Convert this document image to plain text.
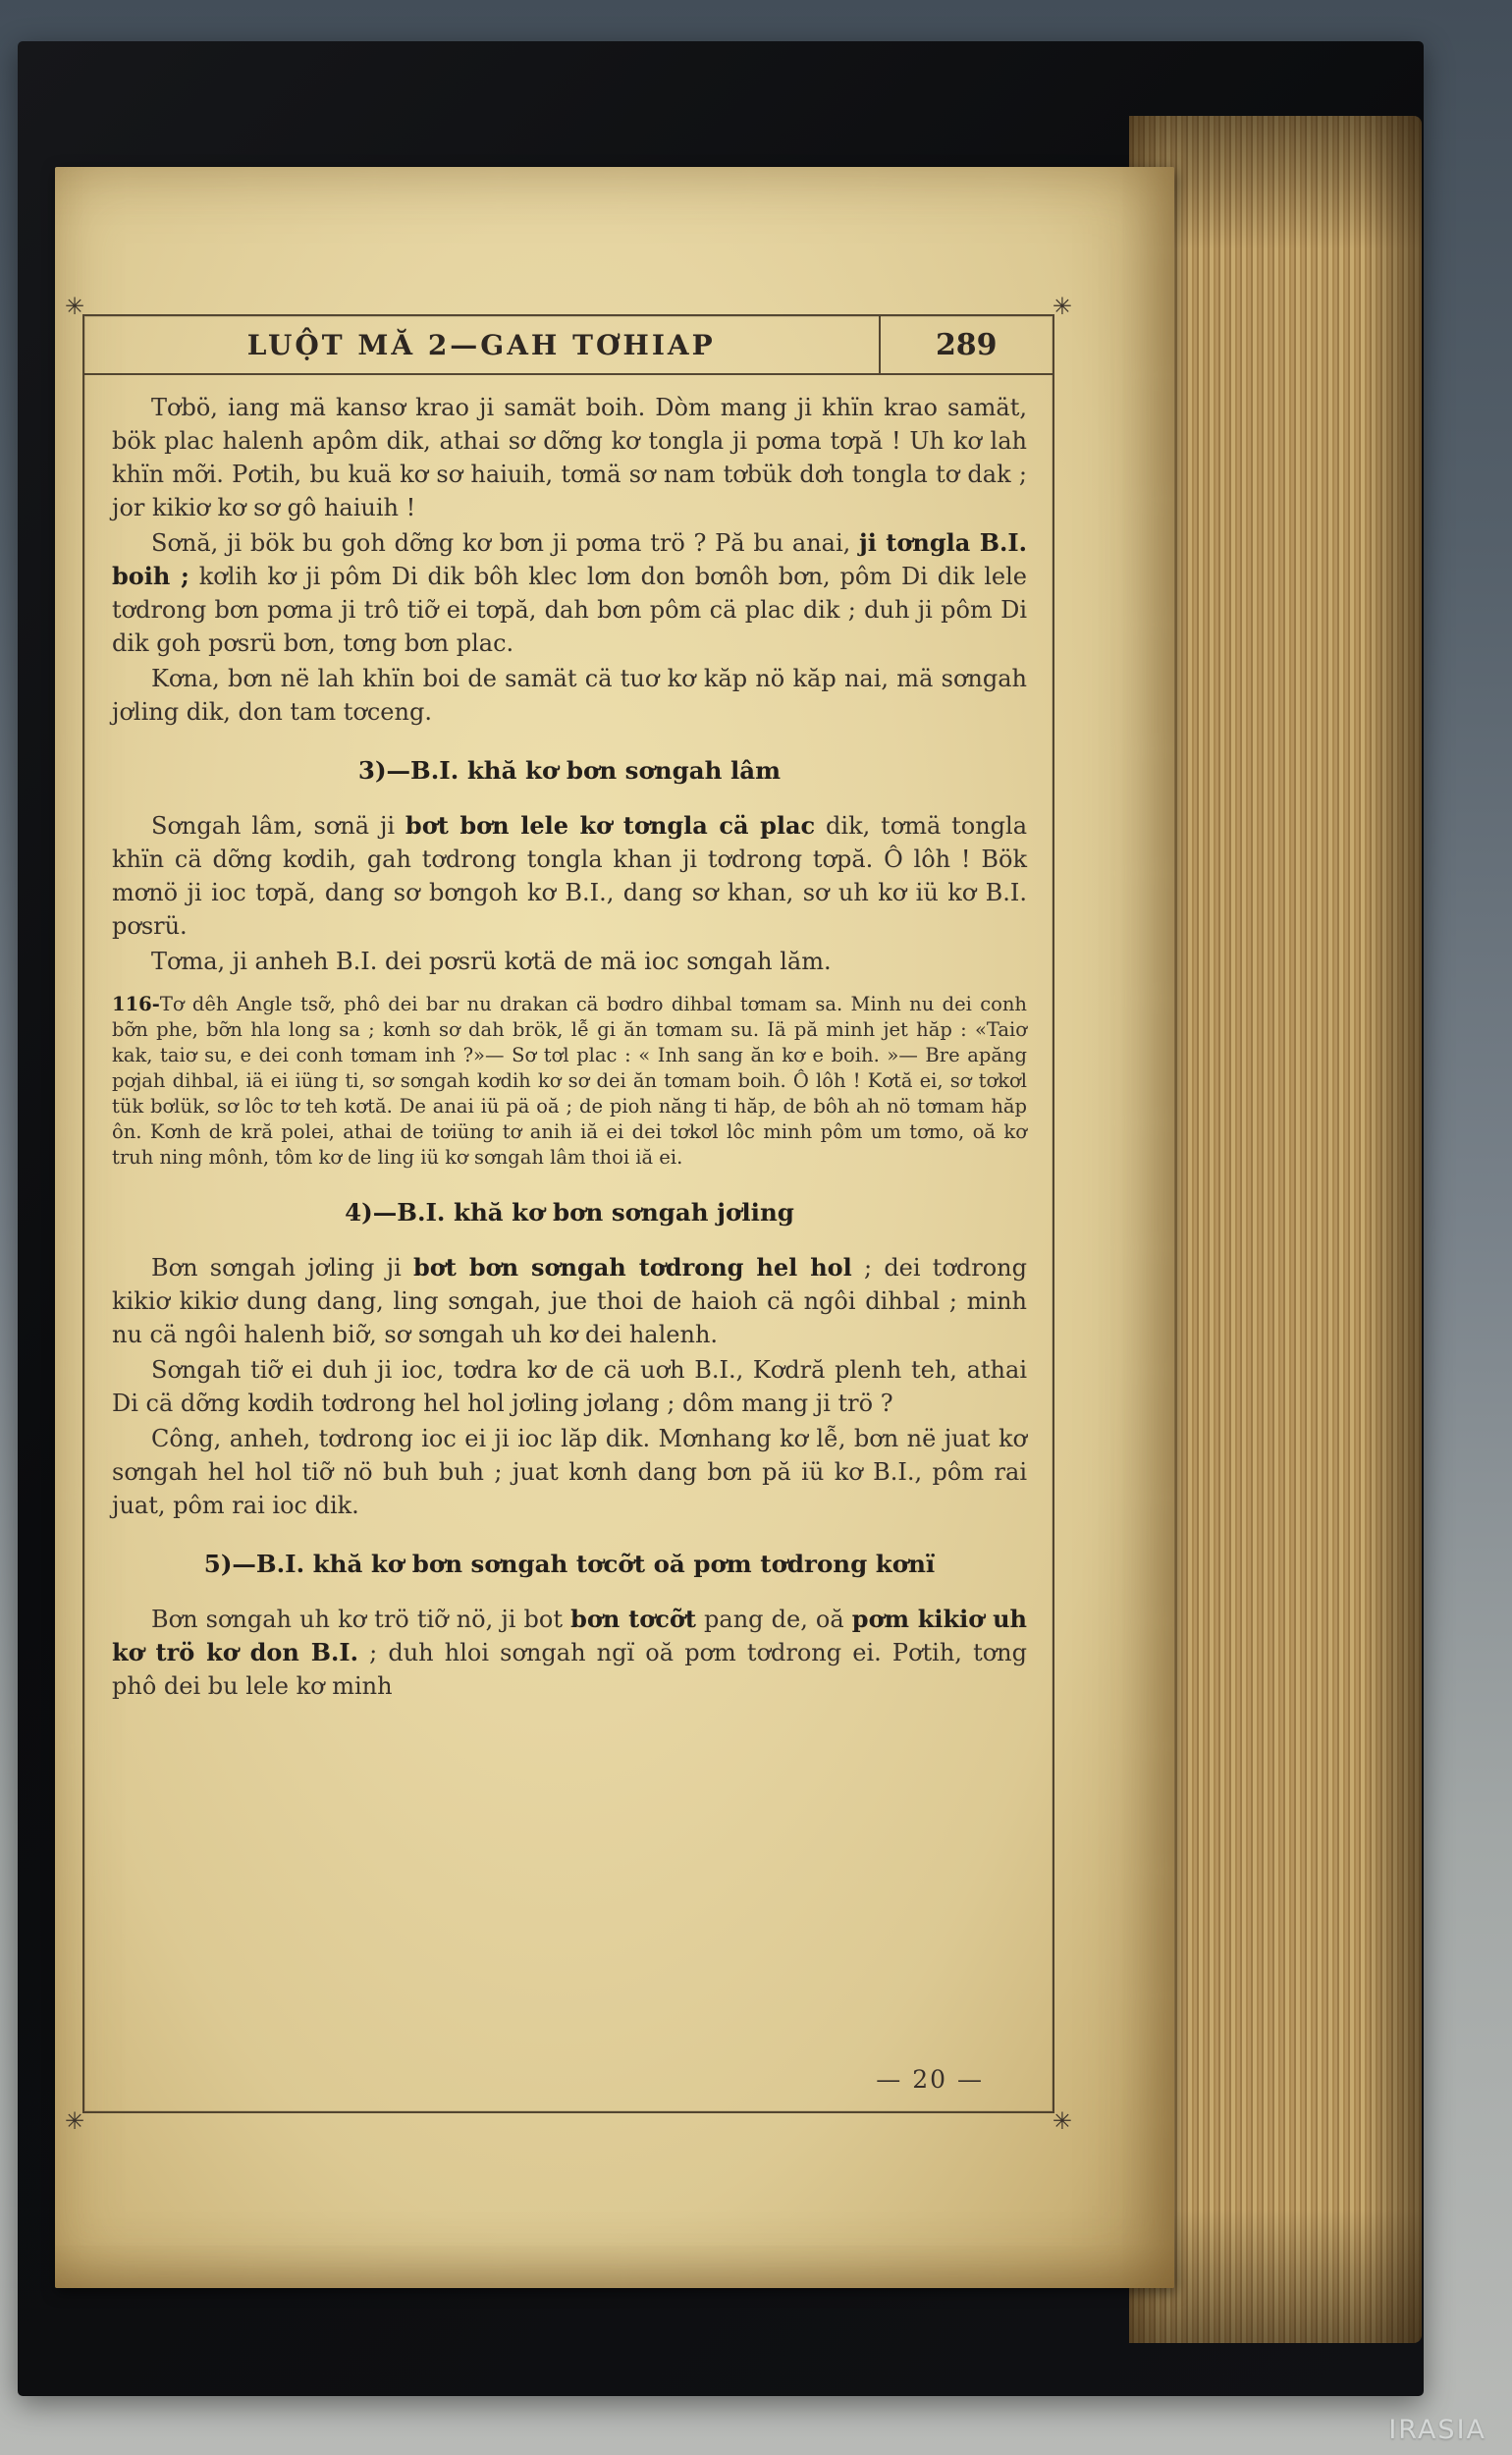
✳	✳
✳	✳
LUỘT MĂ 2—GAH TƠHIAP	289

Tơbö, iang mä kansơ krao ji samät boih. Dòm mang ji khïn krao samät, bök plac halenh apôm dik, athai sơ dỡng kơ tongla ji pơma tơpă ! Uh kơ lah khïn mỡi. Pơtih, bu kuä kơ sơ haiuih, tơmä sơ nam tơbük dơh tongla tơ dak ; jor kikiơ kơ sơ gô haiuih !

Sơnă, ji bök bu goh dỡng kơ bơn ji pơma trö ? Pă bu anai, ji tơngla B.I. boih ; kơlih kơ ji pôm Di dik bôh klec lơm don bơnôh bơn, pôm Di dik lele tơdrong bơn pơma ji trô tiỡ ei tơpă, dah bơn pôm cä plac dik ; duh ji pôm Di dik goh pơsrü bơn, tơng bơn plac.

Kơna, bơn në lah khïn boi de samät cä tuơ kơ kăp nö kăp nai, mä sơngah jơling dik, don tam tơceng.

3)—B.I. khă kơ bơn sơngah lâm

Sơngah lâm, sơnä ji bơt bơn lele kơ tơngla cä plac dik, tơmä tongla khïn cä dỡng kơdih, gah tơdrong tongla khan ji tơdrong tơpă. Ô lôh ! Bök mơnö ji ioc tơpă, dang sơ bơngoh kơ B.I., dang sơ khan, sơ uh kơ iü kơ B.I. pơsrü.

Tơma, ji anheh B.I. dei pơsrü kơtä de mä ioc sơngah lăm.

116-Tơ dêh Angle tsỡ, phô dei bar nu drakan cä bơdro dihbal tơmam sa. Minh nu dei conh bỡn phe, bỡn hla long sa ; kơnh sơ dah brök, lễ gi ăn tơmam su. Iä pă minh jet hăp : «Taiơ kak, taiơ su, e dei conh tơmam inh ?»— Sơ tơl plac : « Inh sang ăn kơ e boih. »— Bre apăng pơjah dihbal, iä ei iüng ti, sơ sơngah kơdih kơ sơ dei ăn tơmam boih. Ô lôh ! Kơtă ei, sơ tơkơl tük bơlük, sơ lôc tơ teh kơtă. De anai iü pä oă ; de pioh năng ti hăp, de bôh ah nö tơmam hăp ôn. Kơnh de kră polei, athai de tơiüng tơ anih iă ei dei tơkơl lôc minh pôm um tơmo, oă kơ truh ning mônh, tôm kơ de ling iü kơ sơngah lâm thoi iă ei.

4)—B.I. khă kơ bơn sơngah jơling

Bơn sơngah jơling ji bơt bơn sơngah tơdrong hel hol ; dei tơdrong kikiơ kikiơ dung dang, ling sơngah, jue thoi de haioh cä ngôi dihbal ; minh nu cä ngôi halenh biỡ, sơ sơngah uh kơ dei halenh.

Sơngah tiỡ ei duh ji ioc, tơdra kơ de cä uơh B.I., Kơdră plenh teh, athai Di cä dỡng kơdih tơdrong hel hol jơling jơlang ; dôm mang ji trö ?

Công, anheh, tơdrong ioc ei ji ioc lăp dik. Mơnhang kơ lễ, bơn në juat kơ sơngah hel hol tiỡ nö buh buh ; juat kơnh dang bơn pă iü kơ B.I., pôm rai juat, pôm rai ioc dik.

5)—B.I. khă kơ bơn sơngah tơcỡt oă pơm tơdrong kơnï

Bơn sơngah uh kơ trö tiỡ nö, ji bot bơn tơcỡt pang de, oă pơm kikiơ uh kơ trö kơ don B.I. ; duh hloi sơngah ngï oă pơm tơdrong ei. Pơtih, tơng phô dei bu lele kơ minh

— 20 —
IRASIA
